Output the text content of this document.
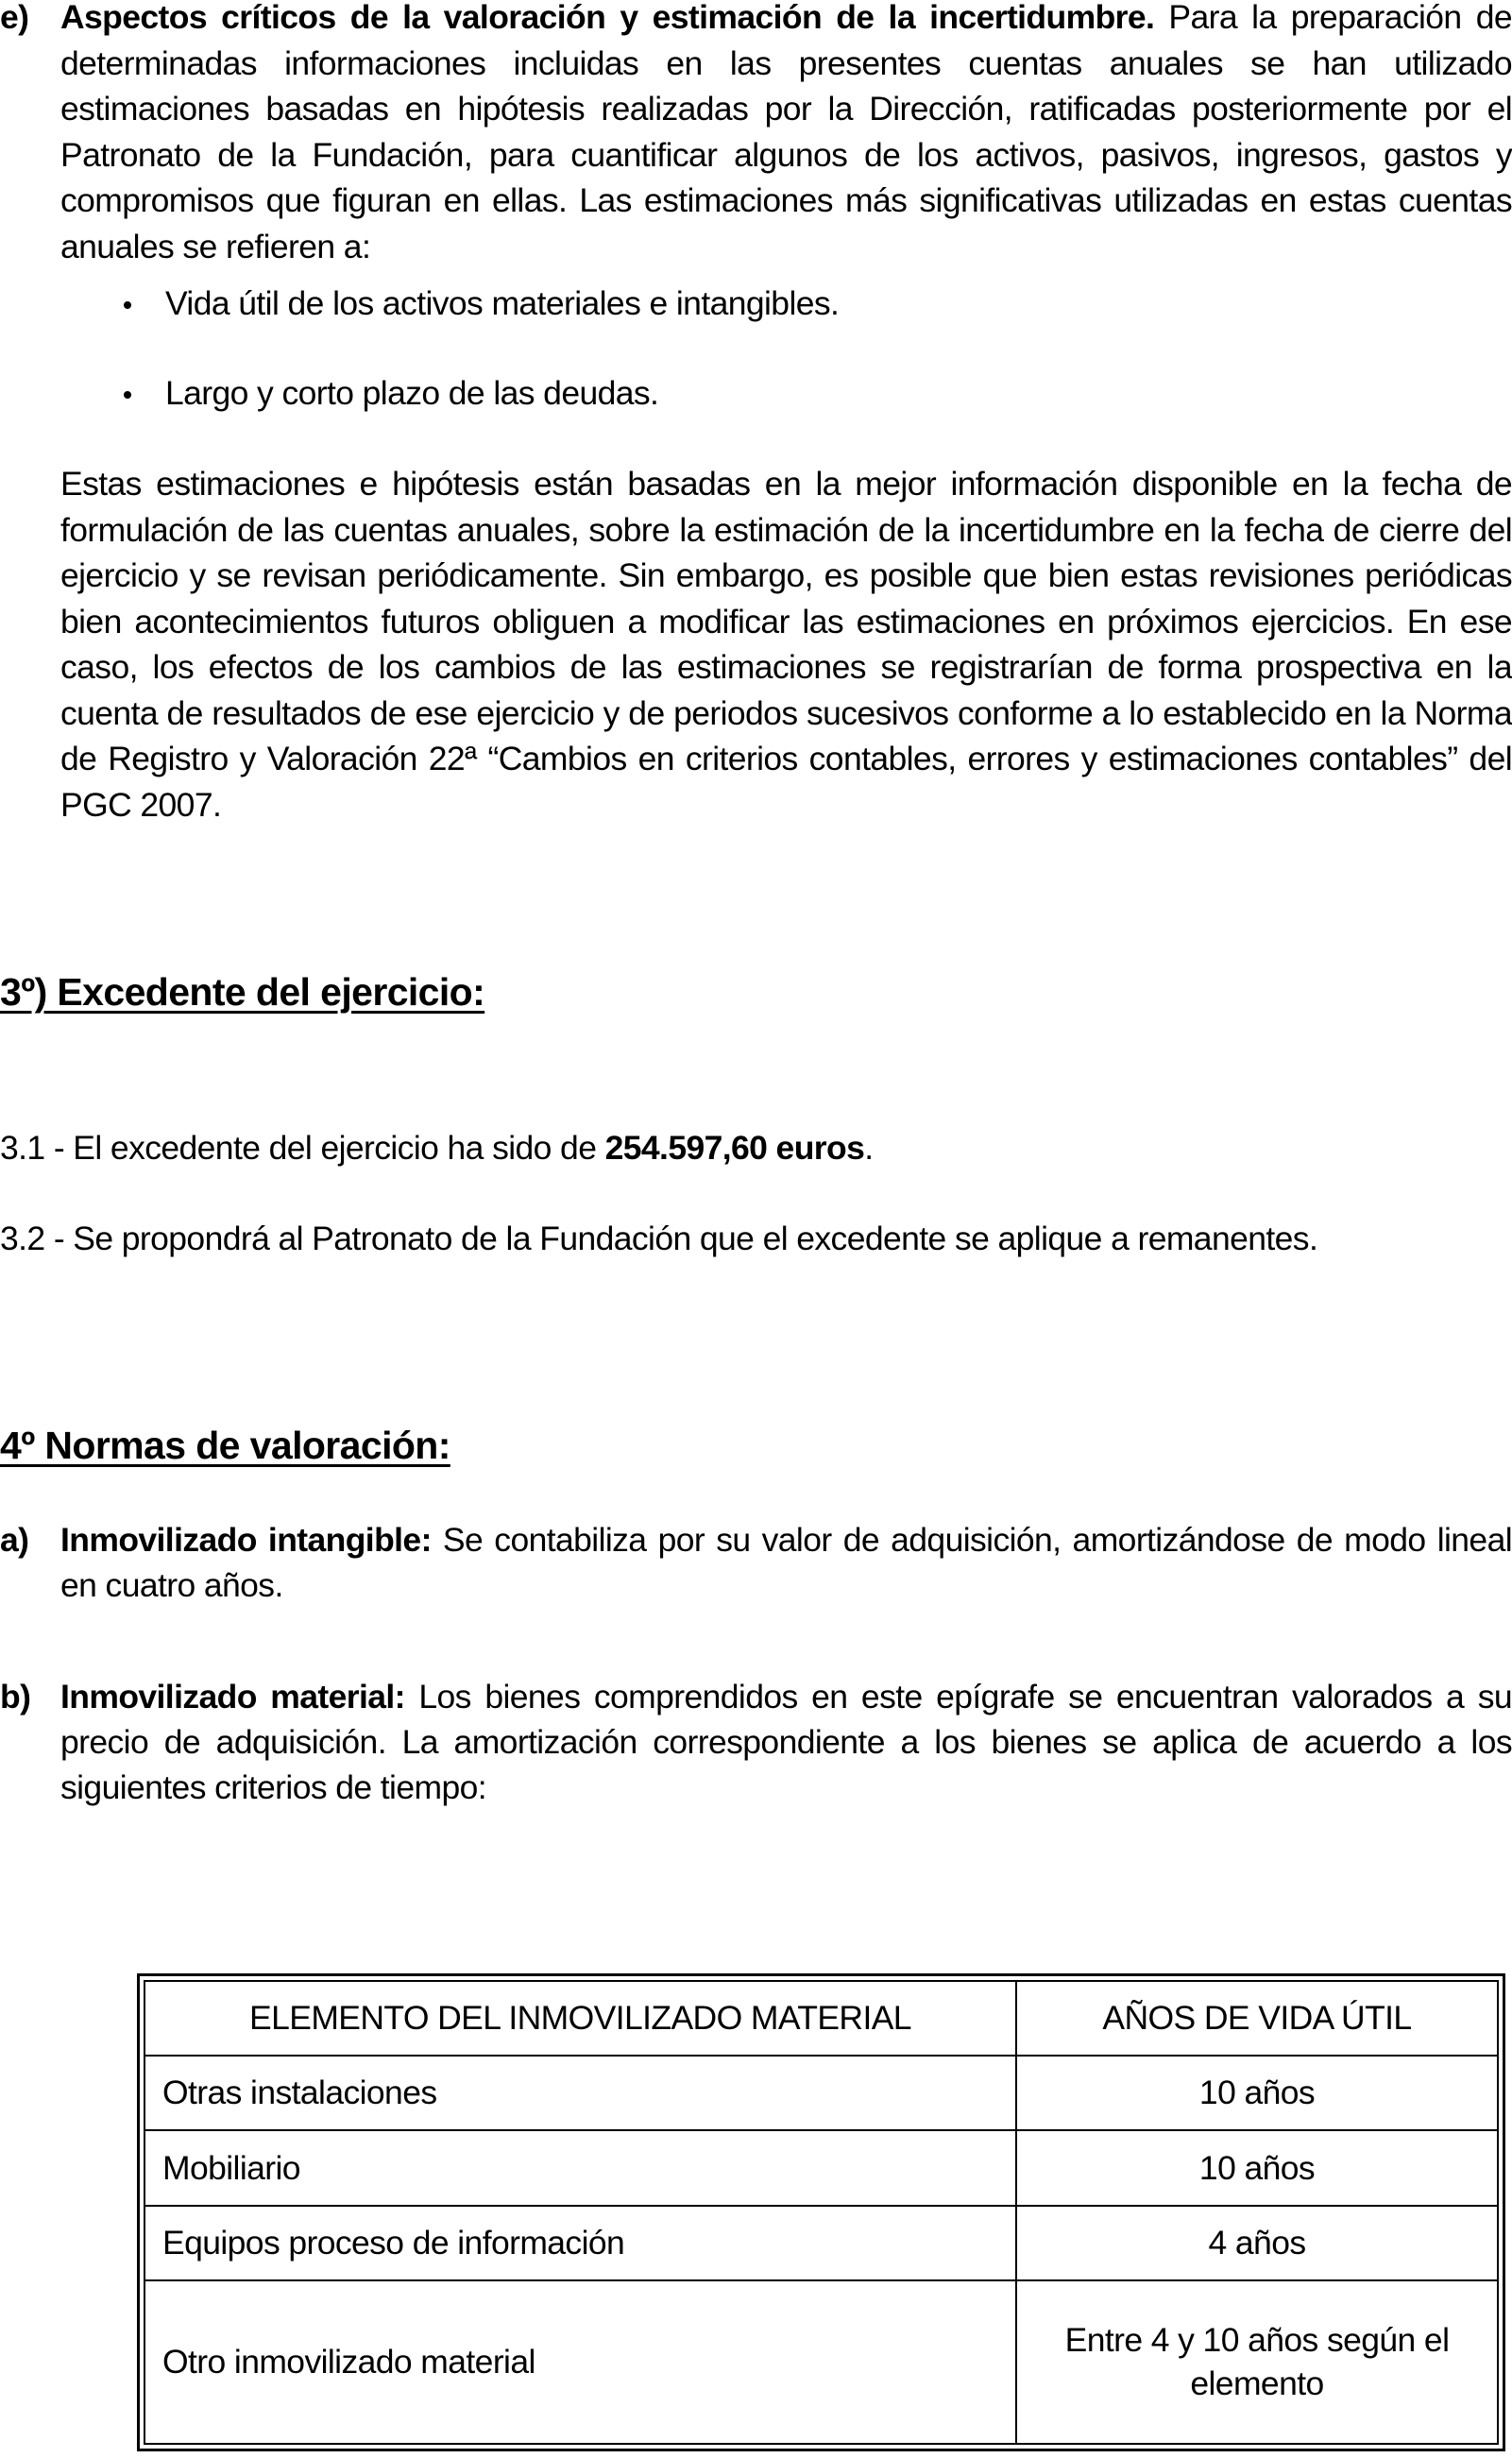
e) Aspectos críticos de la valoración y estimación de la incertidumbre. Para la preparación de determinadas informaciones incluidas en las presentes cuentas anuales se han utilizado estimaciones basadas en hipótesis realizadas por la Dirección, ratificadas posteriormente por el Patronato de la Fundación, para cuantificar algunos de los activos, pasivos, ingresos, gastos y compromisos que figuran en ellas. Las estimaciones más significativas utilizadas en estas cuentas anuales se refieren a:
Vida útil de los activos materiales e intangibles.
Largo y corto plazo de las deudas.
Estas estimaciones e hipótesis están basadas en la mejor información disponible en la fecha de formulación de las cuentas anuales, sobre la estimación de la incertidumbre en la fecha de cierre del ejercicio y se revisan periódicamente. Sin embargo, es posible que bien estas revisiones periódicas bien acontecimientos futuros obliguen a modificar las estimaciones en próximos ejercicios. En ese caso, los efectos de los cambios de las estimaciones se registrarían de forma prospectiva en la cuenta de resultados de ese ejercicio y de periodos sucesivos conforme a lo establecido en la Norma de Registro y Valoración 22ª “Cambios en criterios contables, errores y estimaciones contables” del PGC 2007.
3º) Excedente del ejercicio:
3.1 - El excedente del ejercicio ha sido de 254.597,60 euros.
3.2 - Se propondrá al Patronato de la Fundación que el excedente se aplique a remanentes.
4º Normas de valoración:
a) Inmovilizado intangible: Se contabiliza por su valor de adquisición, amortizándose de modo lineal en cuatro años.
b) Inmovilizado material: Los bienes comprendidos en este epígrafe se encuentran valorados a su precio de adquisición. La amortización correspondiente a los bienes se aplica de acuerdo a los siguientes criterios de tiempo:
ELEMENTO DEL INMOVILIZADO MATERIAL	AÑOS DE VIDA ÚTIL
Otras instalaciones	10 años
Mobiliario	10 años
Equipos proceso de información	4 años
Otro inmovilizado material	Entre 4 y 10 años según el elemento
